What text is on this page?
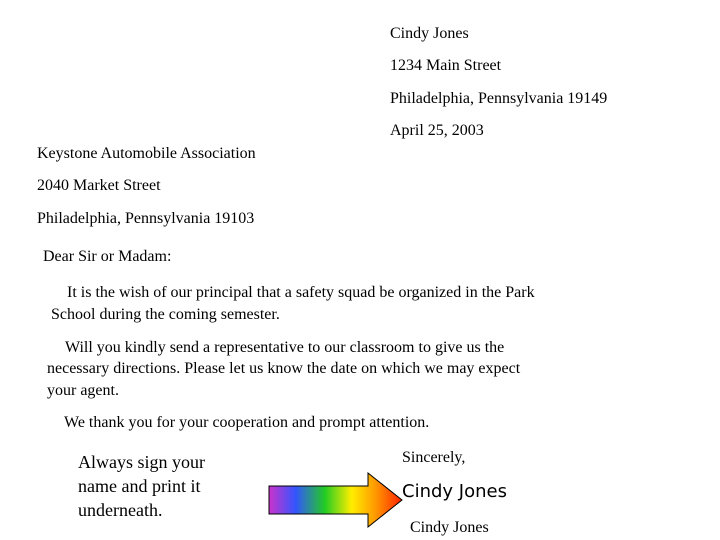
Cindy Jones
1234 Main Street
Philadelphia, Pennsylvania 19149
April 25, 2003
Keystone Automobile Association
2040 Market Street
Philadelphia, Pennsylvania 19103
Dear Sir or Madam:
It is the wish of our principal that a safety squad be organized in the Park
School during the coming semester.
Will you kindly send a representative to our classroom to give us the
necessary directions. Please let us know the date on which we may expect
your agent.
We thank you for your cooperation and prompt attention.
Always sign your name and print it underneath.
Sincerely,
Cindy Jones
Cindy Jones
